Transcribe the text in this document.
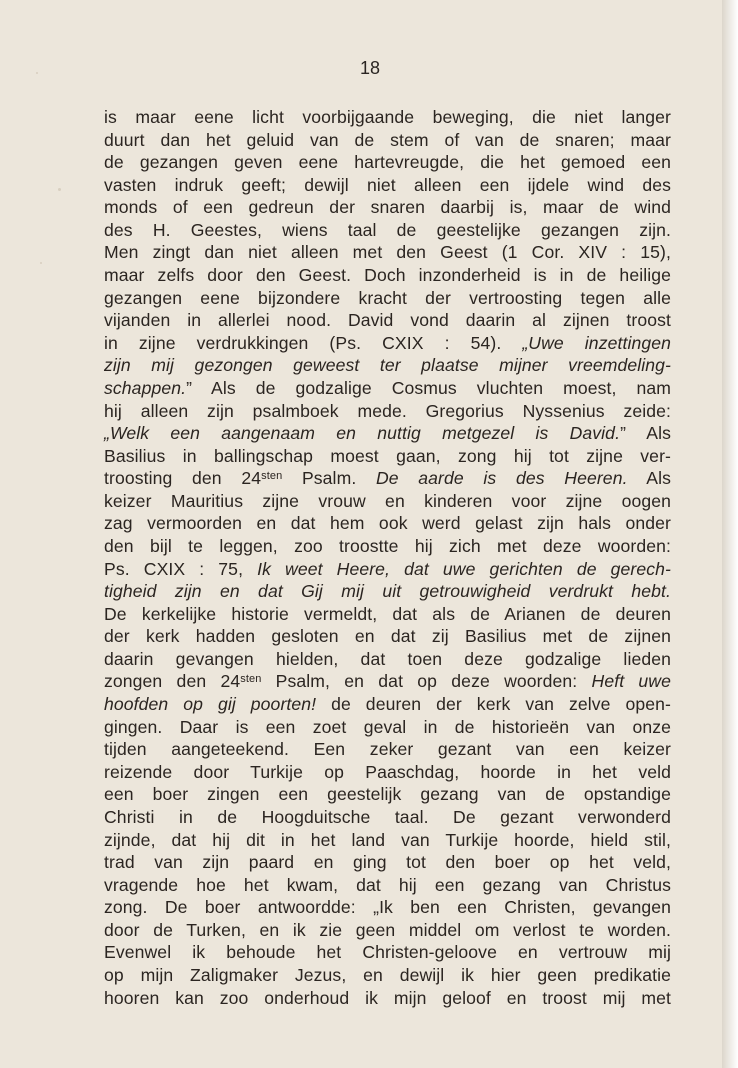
18
is maar eene licht voorbijgaande beweging, die niet langer
duurt dan het geluid van de stem of van de snaren; maar
de gezangen geven eene hartevreugde, die het gemoed een
vasten indruk geeft; dewijl niet alleen een ijdele wind des
monds of een gedreun der snaren daarbij is, maar de wind
des H. Geestes, wiens taal de geestelijke gezangen zijn.
Men zingt dan niet alleen met den Geest (1 Cor. XIV : 15),
maar zelfs door den Geest. Doch inzonderheid is in de heilige
gezangen eene bijzondere kracht der vertroosting tegen alle
vijanden in allerlei nood. David vond daarin al zijnen troost
in zijne verdrukkingen (Ps. CXIX : 54). „Uwe inzettingen
zijn mij gezongen geweest ter plaatse mijner vreemdeling-
schappen.” Als de godzalige Cosmus vluchten moest, nam
hij alleen zijn psalmboek mede. Gregorius Nyssenius zeide:
„Welk een aangenaam en nuttig metgezel is David.” Als
Basilius in ballingschap moest gaan, zong hij tot zijne ver-
troosting den $24^{sten}$ Psalm. De aarde is des Heeren. Als
keizer Mauritius zijne vrouw en kinderen voor zijne oogen
zag vermoorden en dat hem ook werd gelast zijn hals onder
den bijl te leggen, zoo troostte hij zich met deze woorden:
Ps. CXIX : 75, Ik weet Heere, dat uwe gerichten de gerech-
tigheid zijn en dat Gij mij uit getrouwigheid verdrukt hebt.
De kerkelijke historie vermeldt, dat als de Arianen de deuren
der kerk hadden gesloten en dat zij Basilius met de zijnen
daarin gevangen hielden, dat toen deze godzalige lieden
zongen den $24^{sten}$ Psalm, en dat op deze woorden: Heft uwe
hoofden op gij poorten! de deuren der kerk van zelve open-
gingen. Daar is een zoet geval in de historieën van onze
tijden aangeteekend. Een zeker gezant van een keizer
reizende door Turkije op Paaschdag, hoorde in het veld
een boer zingen een geestelijk gezang van de opstandige
Christi in de Hoogduitsche taal. De gezant verwonderd
zijnde, dat hij dit in het land van Turkije hoorde, hield stil,
trad van zijn paard en ging tot den boer op het veld,
vragende hoe het kwam, dat hij een gezang van Christus
zong. De boer antwoordde: „Ik ben een Christen, gevangen
door de Turken, en ik zie geen middel om verlost te worden.
Evenwel ik behoude het Christen-geloove en vertrouw mij
op mijn Zaligmaker Jezus, en dewijl ik hier geen predikatie
hooren kan zoo onderhoud ik mijn geloof en troost mij met
